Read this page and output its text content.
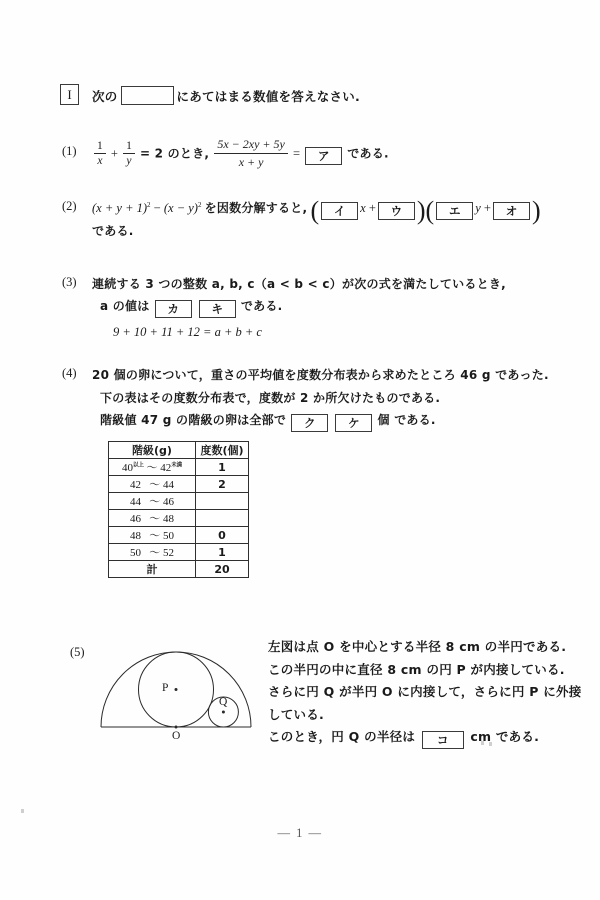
I	次の	にあてはまる数値を答えなさい.
$(1) \frac{1}{x} + \frac{1}{y} = 2$ のとき, $\frac{5x - 2xy + 5y}{x + y}$ = ア である.
(2) $(x + y + 1)^2 - (x - y)^2$ を因数分解すると, ( イ x + ウ )( エ y + オ )
である.
(3) 連続する 3 つの整数 a, b, c（a < b < c）が次の式を満たしているとき,
a の値は カ	キ である.
9 + 10 + 11 + 12 = a + b + c
(4) 20 個の卵について，重さの平均値を度数分布表から求めたところ 46 g であった.
下の表はその度数分布表で，度数が 2 か所欠けたものである.
階級値 47 g の階級の卵は全部で ク	ケ 個 である.
階級(g)	度数(個)

$40^{以上}$ ～ $42^{未満}$	1

42   ～ 44	2

44   ～ 46	

46   ～ 48	

48   ～ 50	0

50   ～ 52	1
計	20
(5)
P
Q
O
左図は点 O を中心とする半径 8 cm の半円である.
この半円の中に直径 8 cm の円 P が内接している.
さらに円 Q が半円 O に内接して，さらに円 P に外接
している.
このとき，円 Q の半径は コ cm である.
— 1 —
